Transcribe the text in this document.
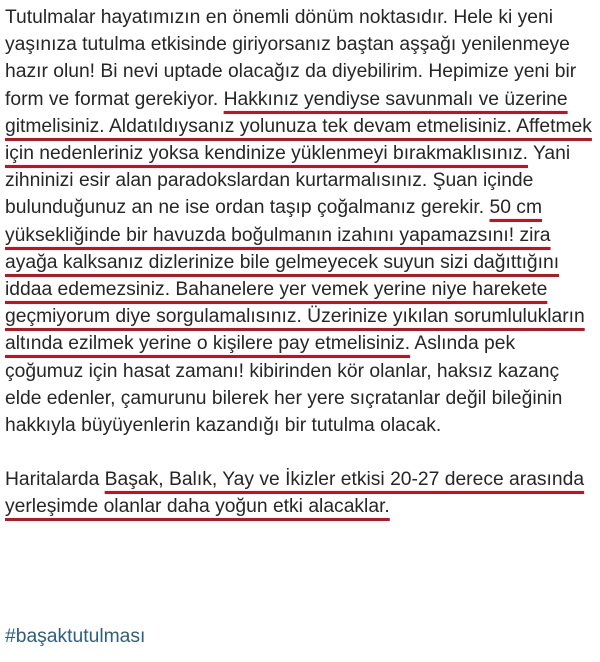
Tutulmalar hayatımızın en önemli dönüm noktasıdır. Hele ki yeni yaşınıza tutulma etkisinde giriyorsanız baştan aşşağı yenilenmeye hazır olun! Bi nevi uptade olacağız da diyebilirim. Hepimize yeni bir form ve format gerekiyor. Hakkınız yendiyse savunmalı ve üzerine gitmelisiniz. Aldatıldıysanız yolunuza tek devam etmelisiniz. Affetmek için nedenleriniz yoksa kendinize yüklenmeyi bırakmaklısınız. Yani zihninizi esir alan paradokslardan kurtarmalısınız. Şuan içinde bulunduğunuz an ne ise ordan taşıp çoğalmanız gerekir. 50 cm yüksekliğinde bir havuzda boğulmanın izahını yapamazsını! zira ayağa kalksanız dizlerinize bile gelmeyecek suyun sizi dağıttığını iddaa edemezsiniz. Bahanelere yer vemek yerine niye harekete geçmiyorum diye sorgulamalısınız. Üzerinize yıkılan sorumlulukların altında ezilmek yerine o kişilere pay etmelisiniz. Aslında pek çoğumuz için hasat zamanı! kibirinden kör olanlar, haksız kazanç elde edenler, çamurunu bilerek her yere sıçratanlar değil bileğinin hakkıyla büyüyenlerin kazandığı bir tutulma olacak.

Haritalarda Başak, Balık, Yay ve İkizler etkisi 20-27 derece arasında yerleşimde olanlar daha yoğun etki alacaklar.

#başaktutulması
